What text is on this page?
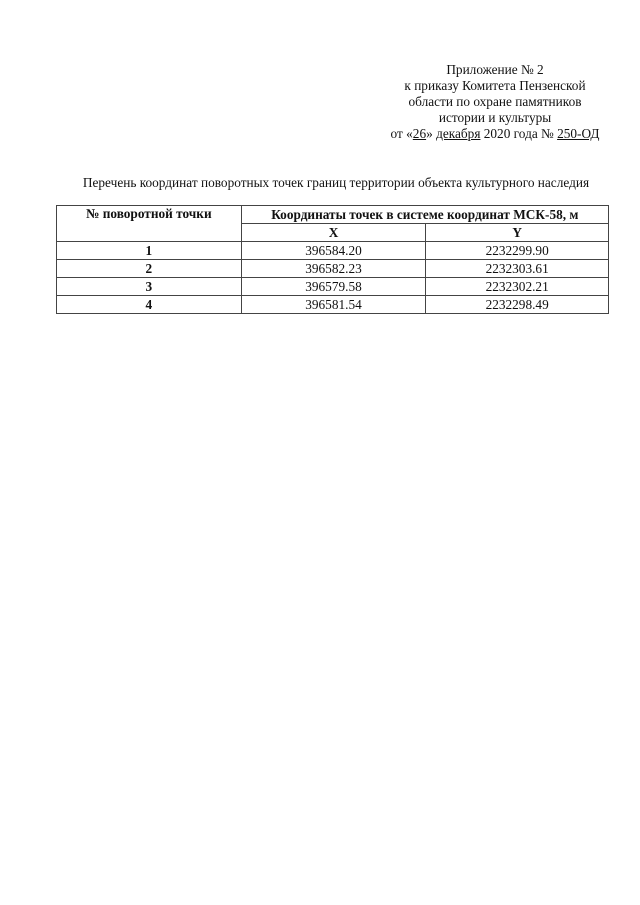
Приложение № 2
к приказу Комитета Пензенской
области по охране памятников
истории и культуры
от «26» декабря 2020 года № 250-ОД
Перечень координат поворотных точек границ территории объекта культурного наследия
№ поворотной точки	Координаты точек в системе координат МСК-58, м	
	X	Y
1	396584.20	2232299.90
2	396582.23	2232303.61
3	396579.58	2232302.21
4	396581.54	2232298.49
